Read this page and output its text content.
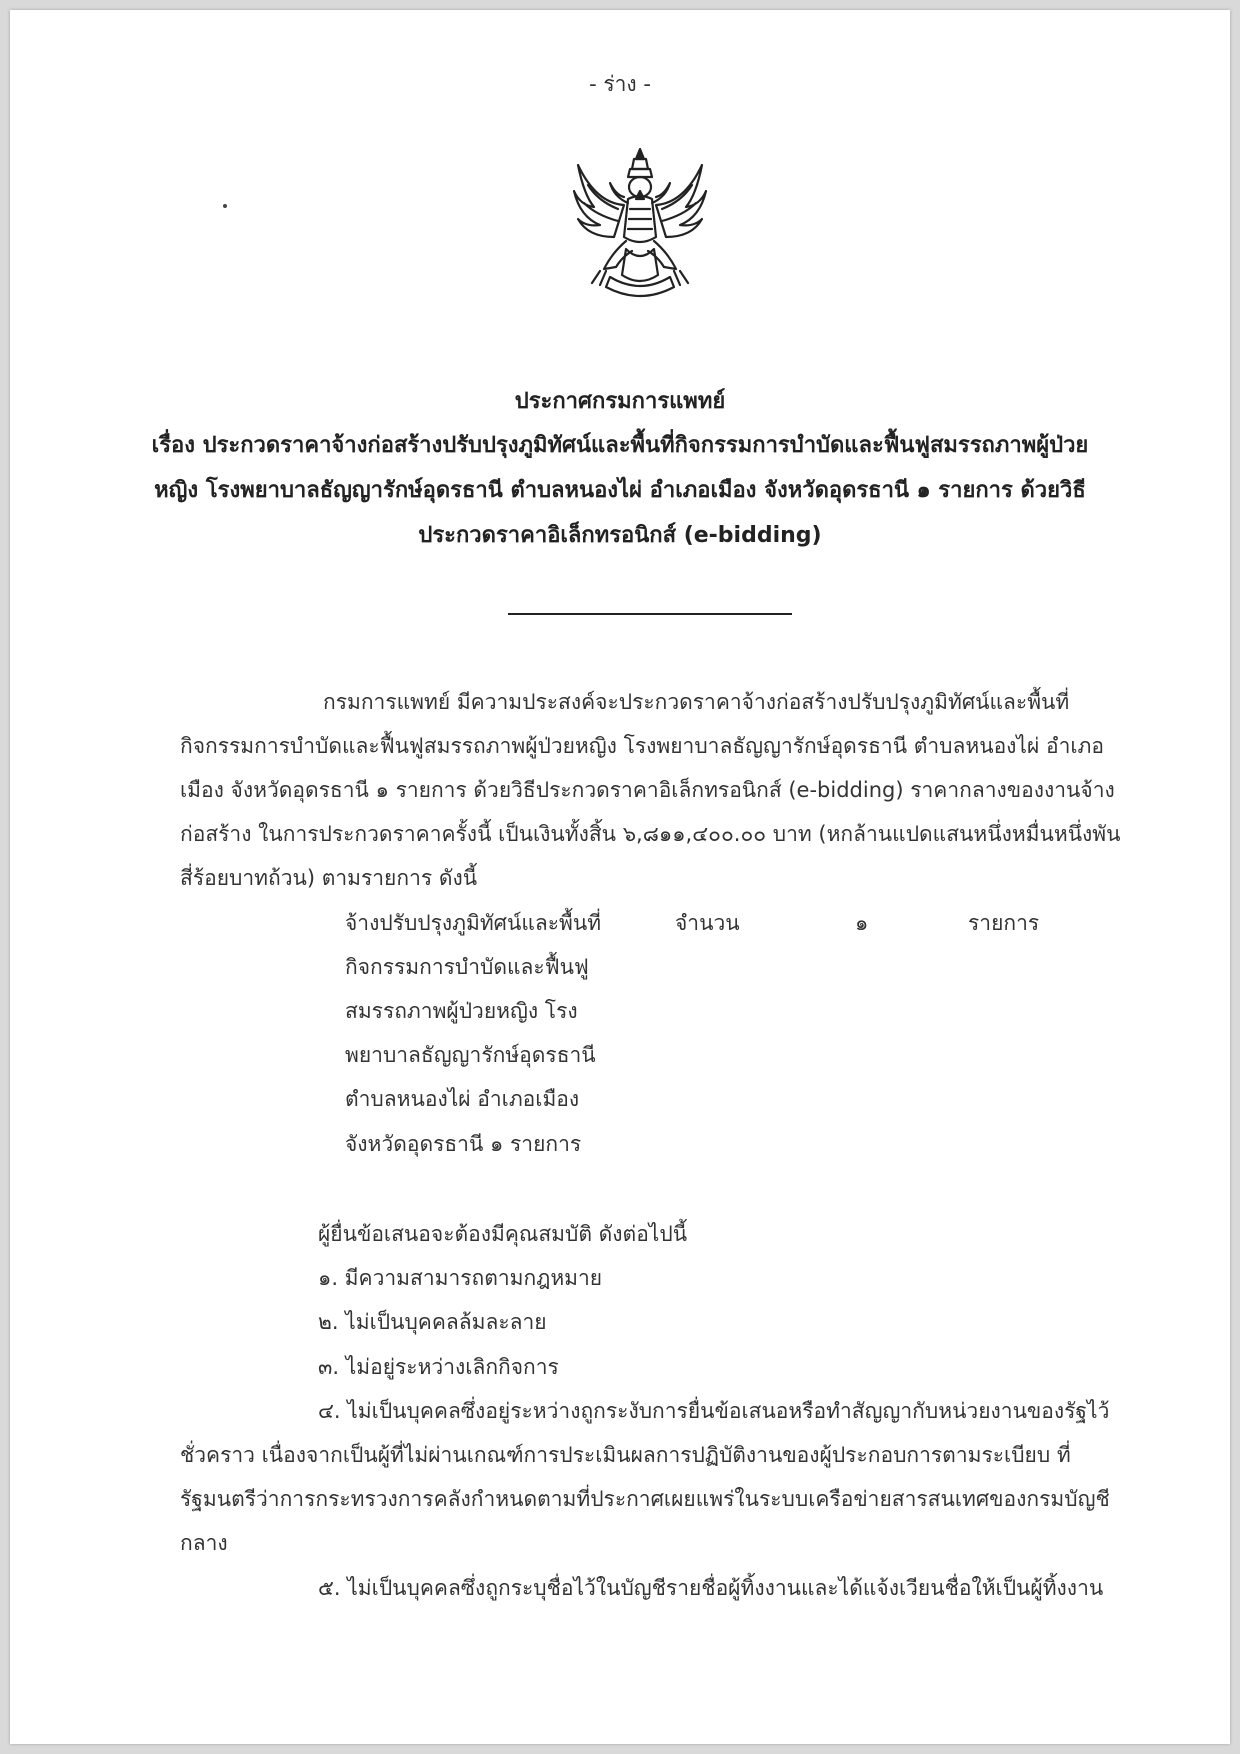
- ร่าง -
ประกาศกรมการแพทย์
เรื่อง ประกวดราคาจ้างก่อสร้างปรับปรุงภูมิทัศน์และพื้นที่กิจกรรมการบำบัดและฟื้นฟูสมรรถภาพผู้ป่วย
หญิง โรงพยาบาลธัญญารักษ์อุดรธานี ตำบลหนองไผ่ อำเภอเมือง จังหวัดอุดรธานี ๑ รายการ ด้วยวิธี
ประกวดราคาอิเล็กทรอนิกส์ (e-bidding)
กรมการแพทย์ มีความประสงค์จะประกวดราคาจ้างก่อสร้างปรับปรุงภูมิทัศน์และพื้นที่
กิจกรรมการบำบัดและฟื้นฟูสมรรถภาพผู้ป่วยหญิง โรงพยาบาลธัญญารักษ์อุดรธานี ตำบลหนองไผ่ อำเภอ
เมือง จังหวัดอุดรธานี ๑ รายการ ด้วยวิธีประกวดราคาอิเล็กทรอนิกส์ (e-bidding) ราคากลางของงานจ้าง
ก่อสร้าง ในการประกวดราคาครั้งนี้ เป็นเงินทั้งสิ้น ๖,๘๑๑,๔๐๐.๐๐ บาท (หกล้านแปดแสนหนึ่งหมื่นหนึ่งพัน
สี่ร้อยบาทถ้วน) ตามรายการ ดังนี้
จ้างปรับปรุงภูมิทัศน์และพื้นที่
กิจกรรมการบำบัดและฟื้นฟู
สมรรถภาพผู้ป่วยหญิง โรง
พยาบาลธัญญารักษ์อุดรธานี
ตำบลหนองไผ่ อำเภอเมือง
จังหวัดอุดรธานี ๑ รายการ
จำนวน	๑	รายการ
ผู้ยื่นข้อเสนอจะต้องมีคุณสมบัติ ดังต่อไปนี้
๑. มีความสามารถตามกฎหมาย
๒. ไม่เป็นบุคคลล้มละลาย
๓. ไม่อยู่ระหว่างเลิกกิจการ
๔. ไม่เป็นบุคคลซึ่งอยู่ระหว่างถูกระงับการยื่นข้อเสนอหรือทำสัญญากับหน่วยงานของรัฐไว้
ชั่วคราว เนื่องจากเป็นผู้ที่ไม่ผ่านเกณฑ์การประเมินผลการปฏิบัติงานของผู้ประกอบการตามระเบียบ ที่
รัฐมนตรีว่าการกระทรวงการคลังกำหนดตามที่ประกาศเผยแพร่ในระบบเครือข่ายสารสนเทศของกรมบัญชี
กลาง
๕. ไม่เป็นบุคคลซึ่งถูกระบุชื่อไว้ในบัญชีรายชื่อผู้ทิ้งงานและได้แจ้งเวียนชื่อให้เป็นผู้ทิ้งงาน
